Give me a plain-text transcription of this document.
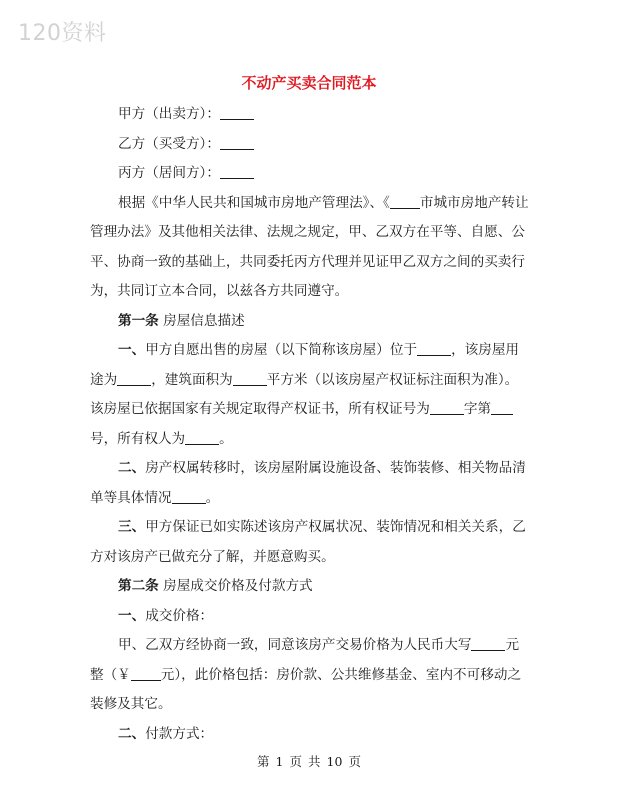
120资料
不动产买卖合同范本

甲方（出卖方）：

乙方（买受方）：

丙方（居间方）：

根据《中华人民共和国城市房地产管理法》、《 市城市房地产转让管理办法》及其他相关法律、法规之规定，甲、乙双方在平等、自愿、公平、协商一致的基础上，共同委托丙方代理并见证甲乙双方之间的买卖行为，共同订立本合同，以兹各方共同遵守。

第一条 房屋信息描述

一、甲方自愿出售的房屋（以下简称该房屋）位于	，该房屋用途为	，建筑面积为	平方米（以该房屋产权证标注面积为准）。该房屋已依据国家有关规定取得产权证书，所有权证号为	字第号，所有权人为	。

二、房产权属转移时，该房屋附属设施设备、装饰装修、相关物品清单等具体情况	。

三、甲方保证已如实陈述该房产权属状况、装饰情况和相关关系，乙方对该房产已做充分了解，并愿意购买。

第二条 房屋成交价格及付款方式

一、成交价格：

甲、乙双方经协商一致，同意该房产交易价格为人民币大写	元整（￥ 元），此价格包括：房价款、公共维修基金、室内不可移动之装修及其它。

二、付款方式：

第 1 页 共 10 页
